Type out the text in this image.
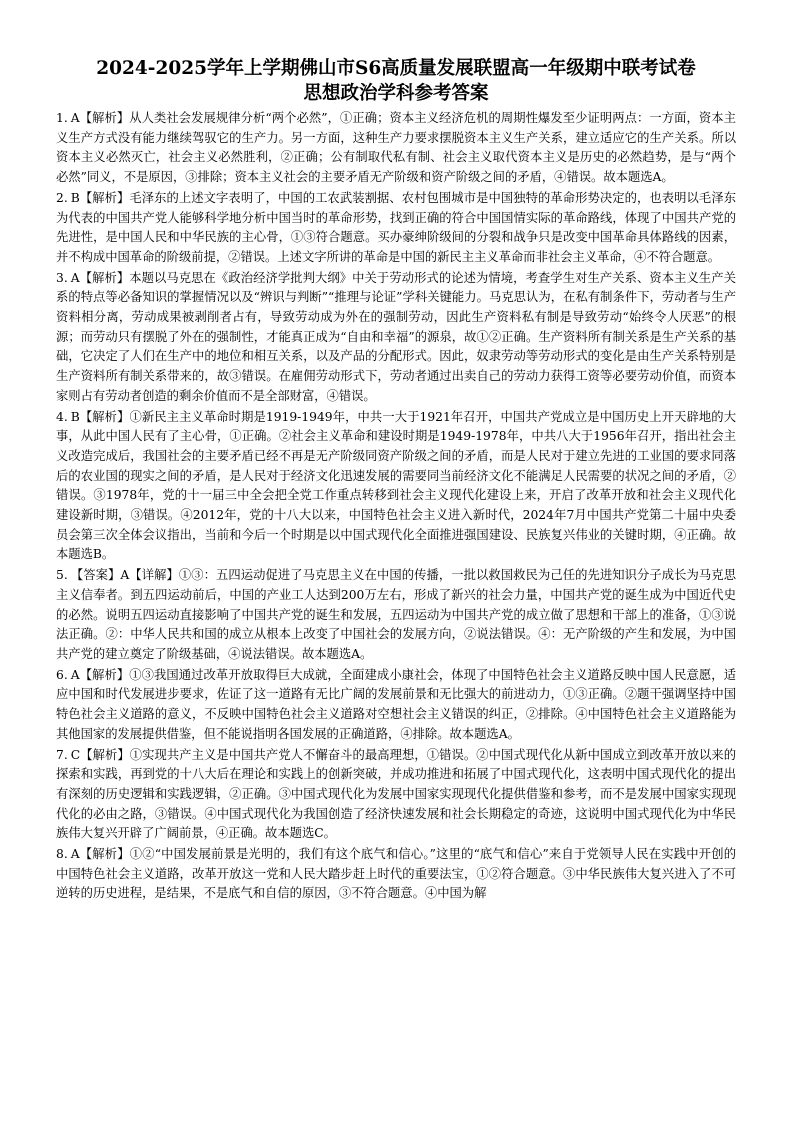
2024-2025学年上学期佛山市S6高质量发展联盟高一年级期中联考试卷
思想政治学科参考答案
1. A【解析】从人类社会发展规律分析“两个必然”，①正确；资本主义经济危机的周期性爆发至少证明两点：一方面，资本主义生产方式没有能力继续驾驭它的生产力。另一方面，这种生产力要求摆脱资本主义生产关系，建立适应它的生产关系。所以资本主义必然灭亡，社会主义必然胜利，②正确；公有制取代私有制、社会主义取代资本主义是历史的必然趋势，是与“两个必然”同义，不是原因，③排除；资本主义社会的主要矛盾无产阶级和资产阶级之间的矛盾，④错误。故本题选A。
2. B【解析】毛泽东的上述文字表明了，中国的工农武装割据、农村包围城市是中国独特的革命形势决定的，也表明以毛泽东为代表的中国共产党人能够科学地分析中国当时的革命形势，找到正确的符合中国国情实际的革命路线，体现了中国共产党的先进性，是中国人民和中华民族的主心骨，①③符合题意。买办豪绅阶级间的分裂和战争只是改变中国革命具体路线的因素，并不构成中国革命的阶级前提，②错误。上述文字所讲的革命是中国的新民主主义革命而非社会主义革命，④不符合题意。
3. A【解析】本题以马克思在《政治经济学批判大纲》中关于劳动形式的论述为情境，考查学生对生产关系、资本主义生产关系的特点等必备知识的掌握情况以及“辨识与判断”“推理与论证”学科关键能力。马克思认为，在私有制条件下，劳动者与生产资料相分离，劳动成果被剥削者占有，导致劳动成为外在的强制劳动，因此生产资料私有制是导致劳动“始终令人厌恶”的根源；而劳动只有摆脱了外在的强制性，才能真正成为“自由和幸福”的源泉，故①②正确。生产资料所有制关系是生产关系的基础，它决定了人们在生产中的地位和相互关系，以及产品的分配形式。因此，奴隶劳动等劳动形式的变化是由生产关系特别是生产资料所有制关系带来的，故③错误。在雇佣劳动形式下，劳动者通过出卖自己的劳动力获得工资等必要劳动价值，而资本家则占有劳动者创造的剩余价值而不是全部财富，④错误。
4. B【解析】①新民主主义革命时期是1919-1949年，中共一大于1921年召开，中国共产党成立是中国历史上开天辟地的大事，从此中国人民有了主心骨，①正确。②社会主义革命和建设时期是1949-1978年，中共八大于1956年召开，指出社会主义改造完成后，我国社会的主要矛盾已经不再是无产阶级同资产阶级之间的矛盾，而是人民对于建立先进的工业国的要求同落后的农业国的现实之间的矛盾，是人民对于经济文化迅速发展的需要同当前经济文化不能满足人民需要的状况之间的矛盾，②错误。③1978年，党的十一届三中全会把全党工作重点转移到社会主义现代化建设上来，开启了改革开放和社会主义现代化建设新时期，③错误。④2012年，党的十八大以来，中国特色社会主义进入新时代，2024年7月中国共产党第二十届中央委员会第三次全体会议指出，当前和今后一个时期是以中国式现代化全面推进强国建设、民族复兴伟业的关键时期，④正确。故本题选B。
5. 【答案】A【详解】①③：五四运动促进了马克思主义在中国的传播，一批以救国救民为己任的先进知识分子成长为马克思主义信奉者。到五四运动前后，中国的产业工人达到200万左右，形成了新兴的社会力量，中国共产党的诞生成为中国近代史的必然。说明五四运动直接影响了中国共产党的诞生和发展，五四运动为中国共产党的成立做了思想和干部上的准备，①③说法正确。②：中华人民共和国的成立从根本上改变了中国社会的发展方向，②说法错误。④：无产阶级的产生和发展，为中国共产党的建立奠定了阶级基础，④说法错误。故本题选A。
6. A【解析】①③我国通过改革开放取得巨大成就，全面建成小康社会，体现了中国特色社会主义道路反映中国人民意愿，适应中国和时代发展进步要求，佐证了这一道路有无比广阔的发展前景和无比强大的前进动力，①③正确。②题干强调坚持中国特色社会主义道路的意义，不反映中国特色社会主义道路对空想社会主义错误的纠正，②排除。④中国特色社会主义道路能为其他国家的发展提供借鉴，但不能说指明各国发展的正确道路，④排除。故本题选A。
7. C【解析】①实现共产主义是中国共产党人不懈奋斗的最高理想，①错误。②中国式现代化从新中国成立到改革开放以来的探索和实践，再到党的十八大后在理论和实践上的创新突破，并成功推进和拓展了中国式现代化，这表明中国式现代化的提出有深刻的历史逻辑和实践逻辑，②正确。③中国式现代化为发展中国家实现现代化提供借鉴和参考，而不是发展中国家实现现代化的必由之路，③错误。④中国式现代化为我国创造了经济快速发展和社会长期稳定的奇迹，这说明中国式现代化为中华民族伟大复兴开辟了广阔前景，④正确。故本题选C。
8. A【解析】①②“中国发展前景是光明的，我们有这个底气和信心。”这里的“底气和信心”来自于党领导人民在实践中开创的中国特色社会主义道路，改革开放这一党和人民大踏步赶上时代的重要法宝，①②符合题意。③中华民族伟大复兴进入了不可逆转的历史进程，是结果，不是底气和自信的原因，③不符合题意。④中国为解
